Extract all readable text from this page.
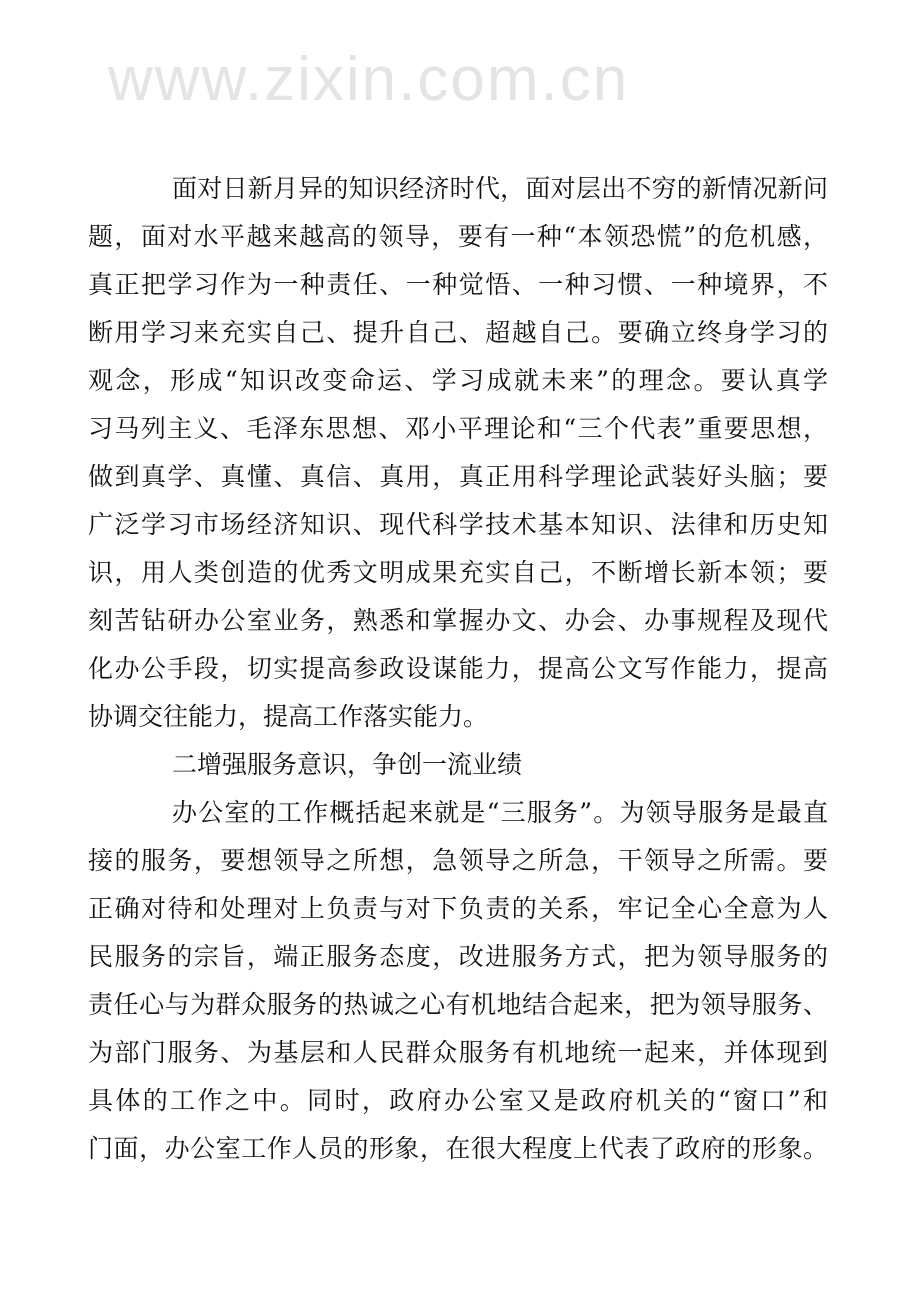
www.zixin.com.cn
面对日新月异的知识经济时代，面对层出不穷的新情况新问
题，面对水平越来越高的领导，要有一种“本领恐慌”的危机感，
真正把学习作为一种责任、一种觉悟、一种习惯、一种境界，不
断用学习来充实自己、提升自己、超越自己。要确立终身学习的
观念，形成“知识改变命运、学习成就未来”的理念。要认真学
习马列主义、毛泽东思想、邓小平理论和“三个代表”重要思想，
做到真学、真懂、真信、真用，真正用科学理论武装好头脑；要
广泛学习市场经济知识、现代科学技术基本知识、法律和历史知
识，用人类创造的优秀文明成果充实自己，不断增长新本领；要
刻苦钻研办公室业务，熟悉和掌握办文、办会、办事规程及现代
化办公手段，切实提高参政设谋能力，提高公文写作能力，提高
协调交往能力，提高工作落实能力。
二增强服务意识，争创一流业绩
办公室的工作概括起来就是“三服务”。为领导服务是最直
接的服务，要想领导之所想，急领导之所急，干领导之所需。要
正确对待和处理对上负责与对下负责的关系，牢记全心全意为人
民服务的宗旨，端正服务态度，改进服务方式，把为领导服务的
责任心与为群众服务的热诚之心有机地结合起来，把为领导服务、
为部门服务、为基层和人民群众服务有机地统一起来，并体现到
具体的工作之中。同时，政府办公室又是政府机关的“窗口”和
门面，办公室工作人员的形象，在很大程度上代表了政府的形象。
